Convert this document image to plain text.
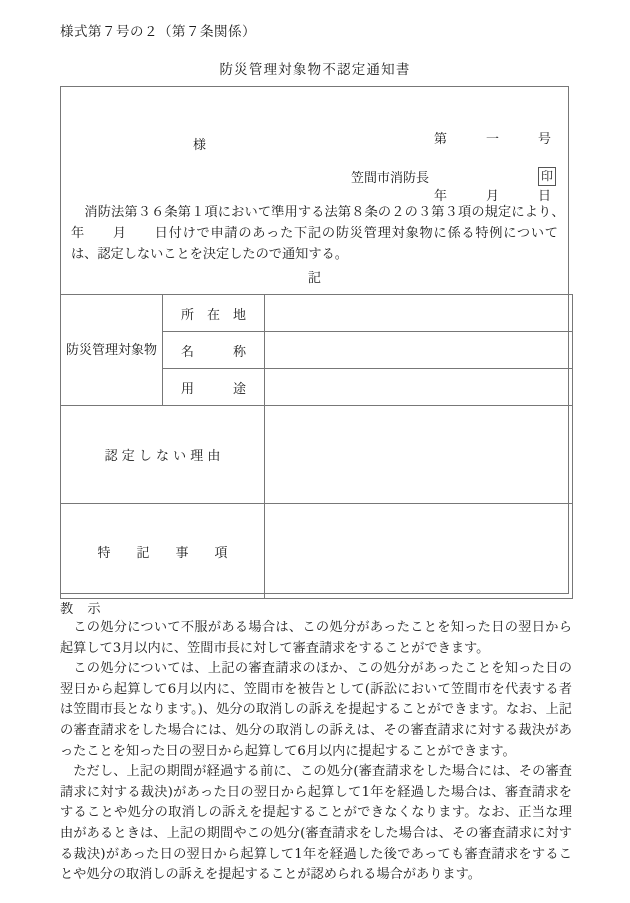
様式第７号の２（第７条関係）
防災管理対象物不認定通知書

第　　　一　　　号

年　　　月　　　日

様
笠間市消防長	印
　消防法第３６条第１項において準用する法第８条の２の３第３項の規定により、　　年　　月　　日付けで申請のあった下記の防災管理対象物に係る特例については、認定しないことを決定したので通知する。
記
防災管理対象物	所　在　地	
	名　　　称	
	用　　　途	
認 定 し な い 理 由		
特　　記　　事　　項		
教　示

この処分について不服がある場合は、この処分があったことを知った日の翌日から起算して3月以内に、笠間市長に対して審査請求をすることができます。

この処分については、上記の審査請求のほか、この処分があったことを知った日の翌日から起算して6月以内に、笠間市を被告として(訴訟において笠間市を代表する者は笠間市長となります。)、処分の取消しの訴えを提起することができます。なお、上記の審査請求をした場合には、処分の取消しの訴えは、その審査請求に対する裁決があったことを知った日の翌日から起算して6月以内に提起することができます。

ただし、上記の期間が経過する前に、この処分(審査請求をした場合には、その審査請求に対する裁決)があった日の翌日から起算して1年を経過した場合は、審査請求をすることや処分の取消しの訴えを提起することができなくなります。なお、正当な理由があるときは、上記の期間やこの処分(審査請求をした場合は、その審査請求に対する裁決)があった日の翌日から起算して1年を経過した後であっても審査請求をすることや処分の取消しの訴えを提起することが認められる場合があります。
